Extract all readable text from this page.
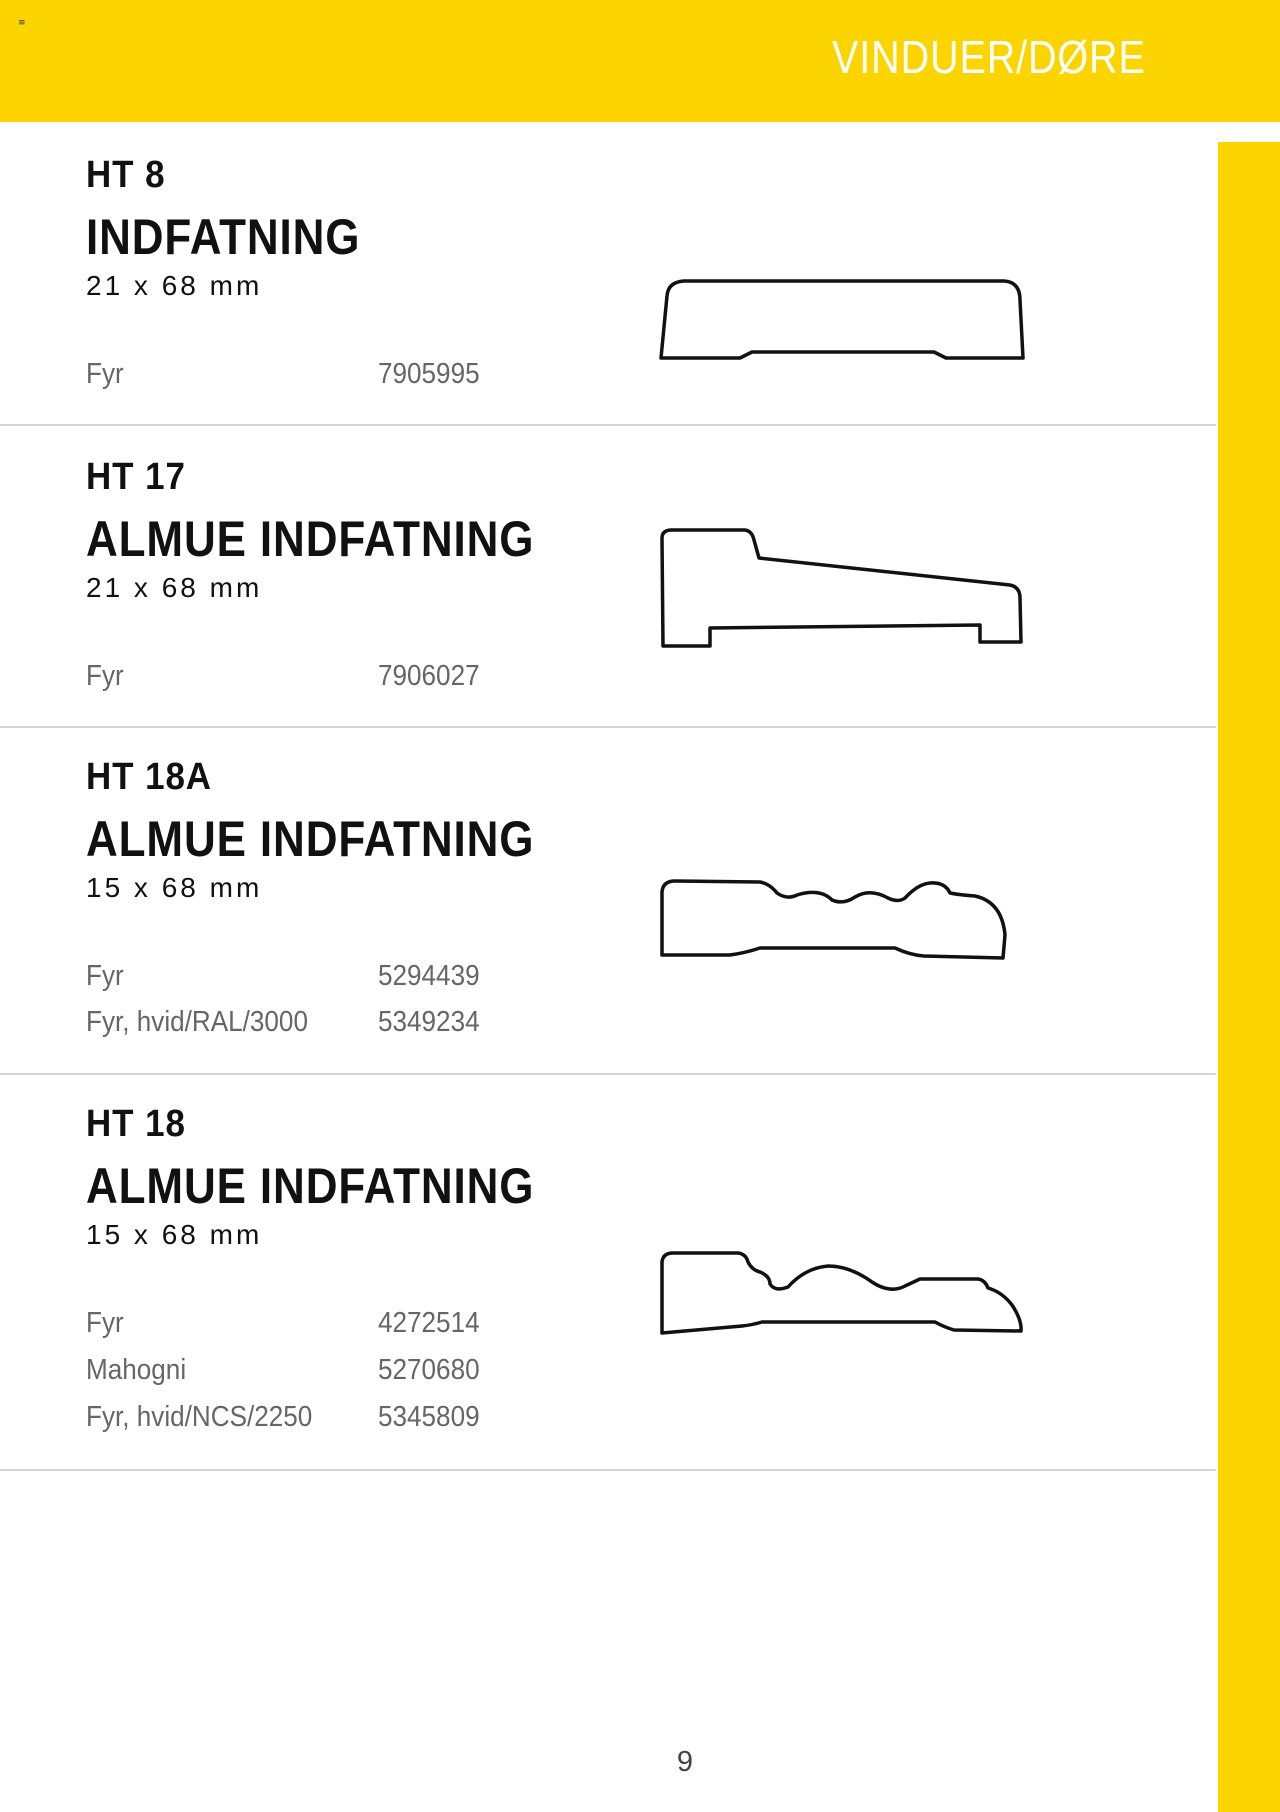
≡
VINDUER/DØRE
HT 8
INDFATNING
21 x 68 mm
Fyr	7905995
HT 17
ALMUE INDFATNING
21 x 68 mm
Fyr	7906027
HT 18A
ALMUE INDFATNING
15 x 68 mm
Fyr	5294439
Fyr, hvid/RAL/3000 5349234
HT 18
ALMUE INDFATNING
15 x 68 mm
Fyr	4272514
Mahogni	5270680
Fyr, hvid/NCS/2250 5345809
9
